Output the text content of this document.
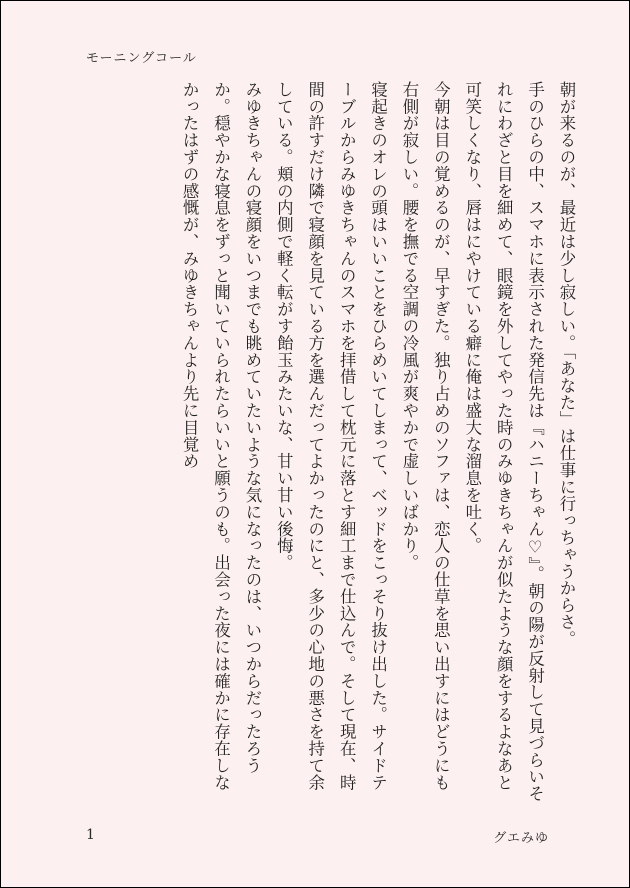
モーニングコール

朝が来るのが、最近は少し寂しい。「あなた」は仕事に行っちゃうからさ。

手のひらの中、スマホに表示された発信先は『ハニーちゃん♡』。朝の陽が反射して見づらいそれにわざと目を細めて、眼鏡を外してやった時のみゆきちゃんが似たような顔をするよなあと可笑しくなり、唇はにやけている癖に俺は盛大な溜息を吐く。

今朝は目の覚めるのが、早すぎた。独り占めのソファは、恋人の仕草を思い出すにはどうにも右側が寂しい。腰を撫でる空調の冷風が爽やかで虚しいばかり。

寝起きのオレの頭はいいことをひらめいてしまって、ベッドをこっそり抜け出した。サイドテーブルからみゆきちゃんのスマホを拝借して枕元に落とす細工まで仕込んで。そして現在、時間の許すだけ隣で寝顔を見ている方を選んだってよかったのにと、多少の心地の悪さを持て余している。頬の内側で軽く転がす飴玉みたいな、甘い甘い後悔。

みゆきちゃんの寝顔をいつまでも眺めていたいような気になったのは、いつからだったろうか。穏やかな寝息をずっと聞いていられたらいいと願うのも。出会った夜には確かに存在しなかったはずの感慨が、みゆきちゃんより先に目覚め

1	グエみゆ
